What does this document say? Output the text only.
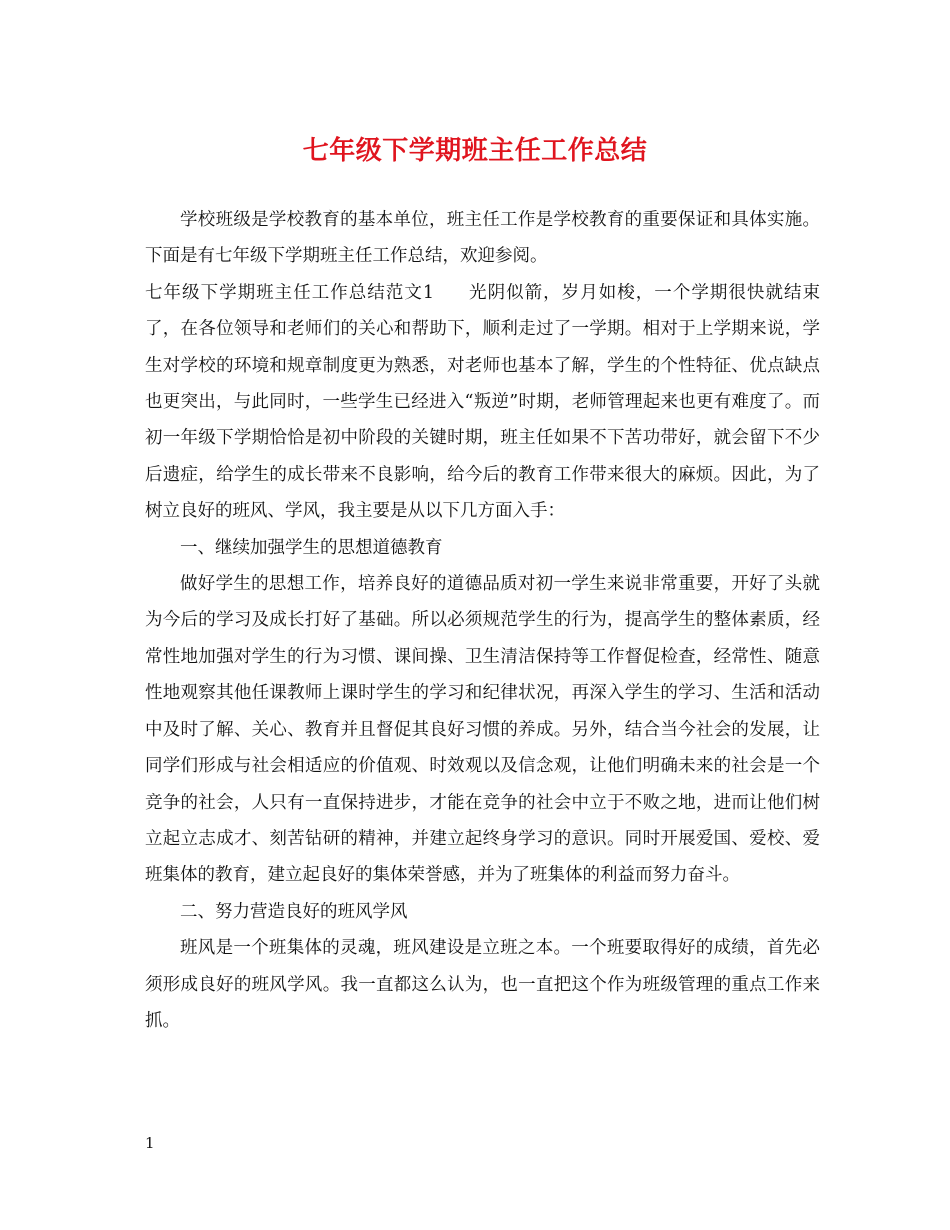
七年级下学期班主任工作总结

学校班级是学校教育的基本单位，班主任工作是学校教育的重要保证和具体实施。下面是有七年级下学期班主任工作总结，欢迎参阅。

七年级下学期班主任工作总结范文1 光阴似箭，岁月如梭，一个学期很快就结束了，在各位领导和老师们的关心和帮助下，顺利走过了一学期。相对于上学期来说，学生对学校的环境和规章制度更为熟悉，对老师也基本了解，学生的个性特征、优点缺点也更突出，与此同时，一些学生已经进入“叛逆”时期，老师管理起来也更有难度了。而初一年级下学期恰恰是初中阶段的关键时期，班主任如果不下苦功带好，就会留下不少后遗症，给学生的成长带来不良影响，给今后的教育工作带来很大的麻烦。因此，为了树立良好的班风、学风，我主要是从以下几方面入手：

一、继续加强学生的思想道德教育

做好学生的思想工作，培养良好的道德品质对初一学生来说非常重要，开好了头就为今后的学习及成长打好了基础。所以必须规范学生的行为，提高学生的整体素质，经常性地加强对学生的行为习惯、课间操、卫生清洁保持等工作督促检查，经常性、随意性地观察其他任课教师上课时学生的学习和纪律状况，再深入学生的学习、生活和活动中及时了解、关心、教育并且督促其良好习惯的养成。另外，结合当今社会的发展，让同学们形成与社会相适应的价值观、时效观以及信念观，让他们明确未来的社会是一个竞争的社会，人只有一直保持进步，才能在竞争的社会中立于不败之地，进而让他们树立起立志成才、刻苦钻研的精神，并建立起终身学习的意识。同时开展爱国、爱校、爱班集体的教育，建立起良好的集体荣誉感，并为了班集体的利益而努力奋斗。

二、努力营造良好的班风学风

班风是一个班集体的灵魂，班风建设是立班之本。一个班要取得好的成绩，首先必须形成良好的班风学风。我一直都这么认为，也一直把这个作为班级管理的重点工作来抓。

1
